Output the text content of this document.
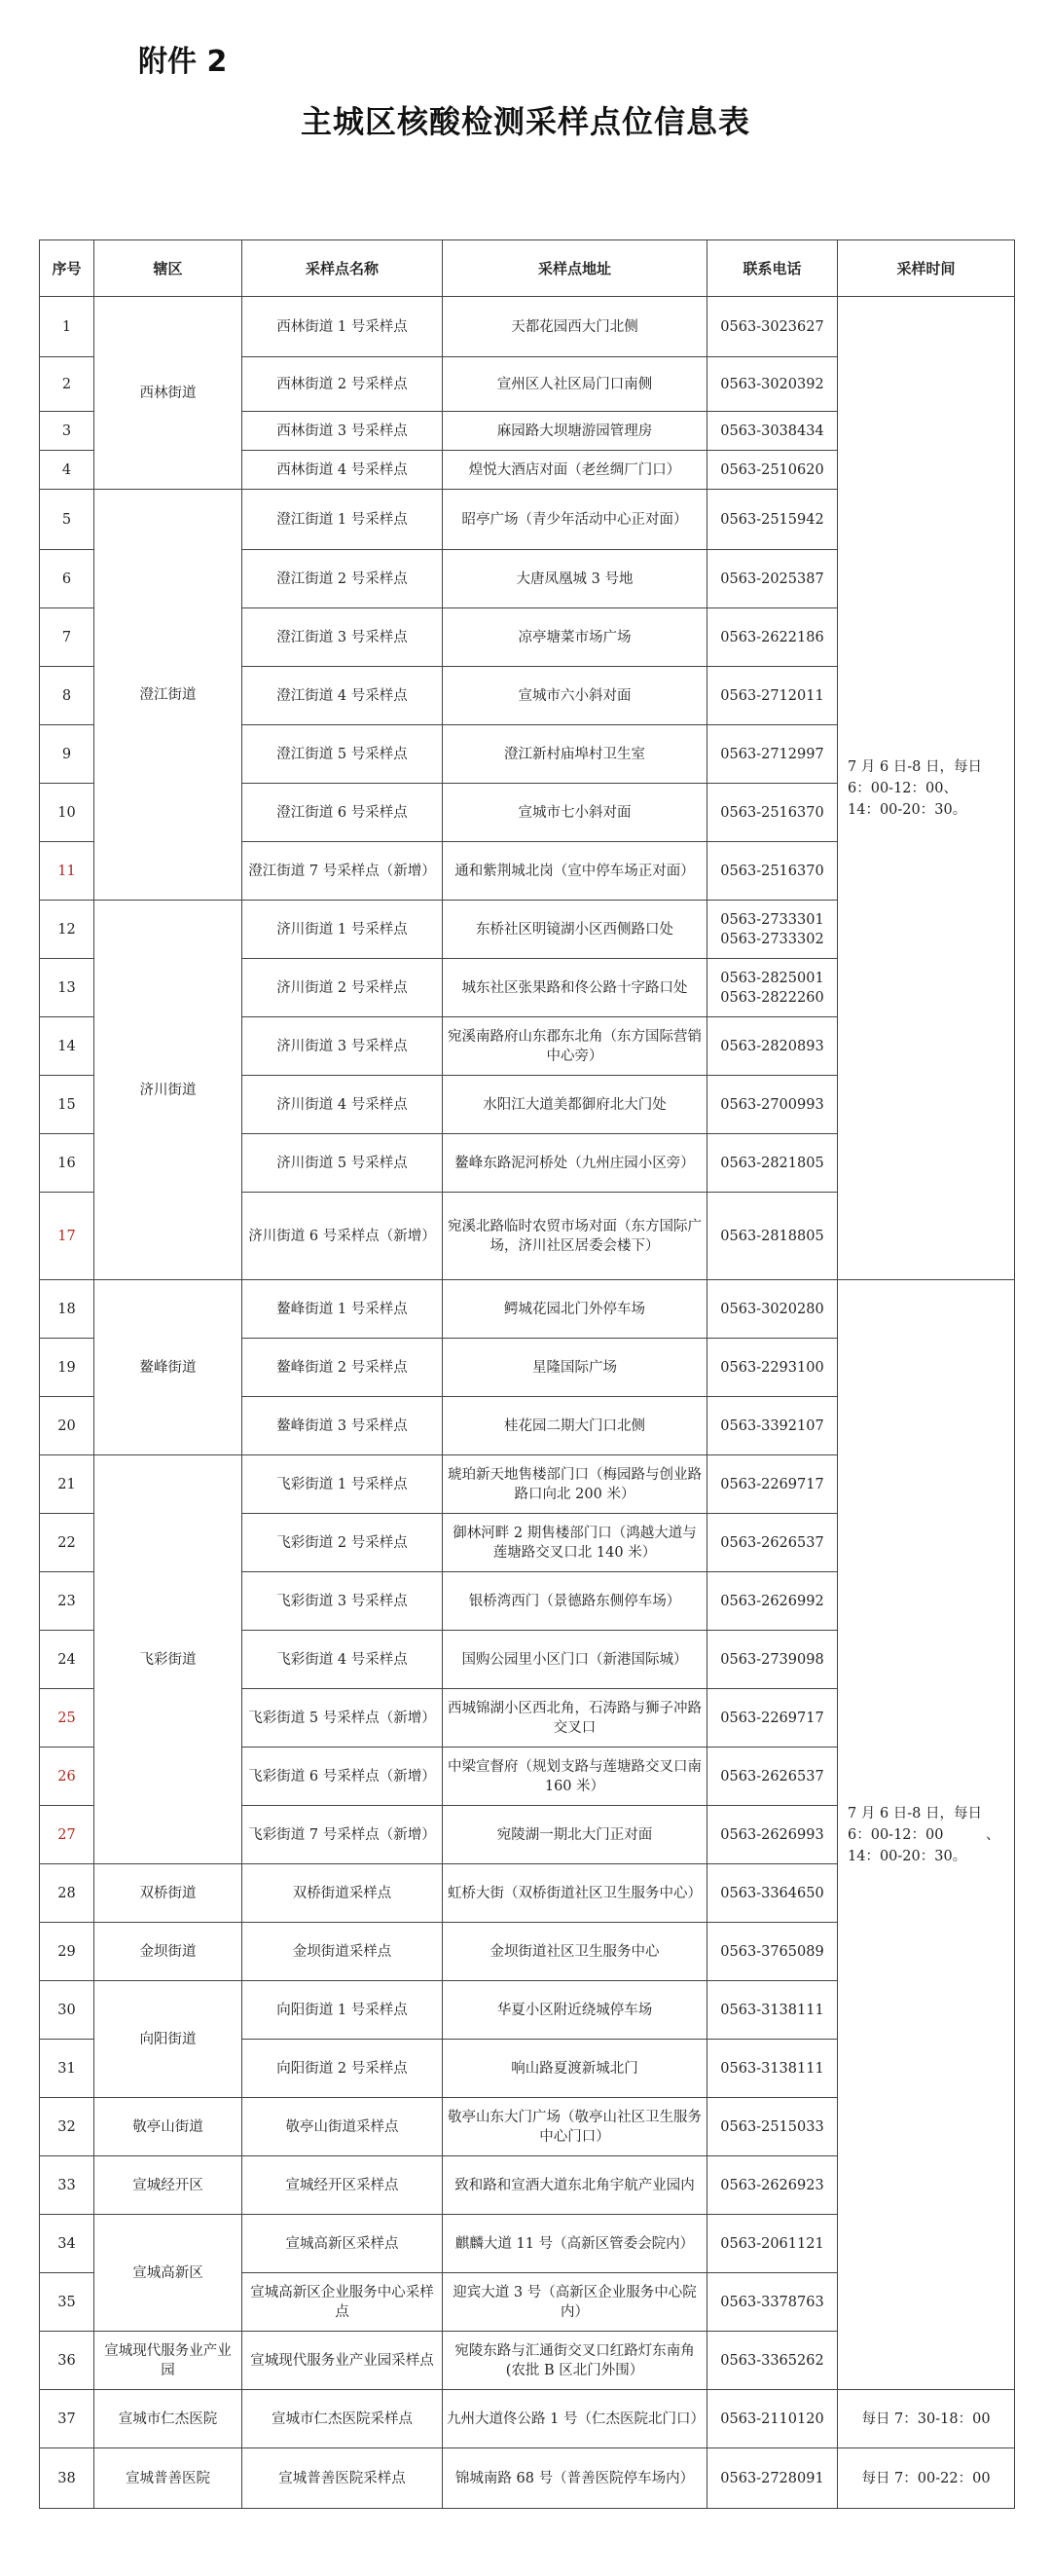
附件 2
主城区核酸检测采样点位信息表
序号	辖区	采样点名称	采样点地址	联系电话	采样时间
1	西林街道	西林街道 1 号采样点	天都花园西大门北侧	0563-3023627	7 月 6 日-8 日，每日
6：00-12：00、
14：00-20：30。
2		西林街道 2 号采样点	宣州区人社区局门口南侧	0563-3020392	
3		西林街道 3 号采样点	麻园路大坝塘游园管理房	0563-3038434	
4		西林街道 4 号采样点	煌悦大酒店对面（老丝绸厂门口）	0563-2510620	
5	澄江街道	澄江街道 1 号采样点	昭亭广场（青少年活动中心正对面）	0563-2515942	
6		澄江街道 2 号采样点	大唐凤凰城 3 号地	0563-2025387	
7		澄江街道 3 号采样点	凉亭塘菜市场广场	0563-2622186	
8		澄江街道 4 号采样点	宣城市六小斜对面	0563-2712011	
9		澄江街道 5 号采样点	澄江新村庙埠村卫生室	0563-2712997	
10		澄江街道 6 号采样点	宣城市七小斜对面	0563-2516370	
11		澄江街道 7 号采样点（新增）	通和紫荆城北岗（宣中停车场正对面）	0563-2516370	
12	济川街道	济川街道 1 号采样点	东桥社区明镜湖小区西侧路口处	0563-2733301
0563-2733302	
13		济川街道 2 号采样点	城东社区张果路和佟公路十字路口处	0563-2825001
0563-2822260	
14		济川街道 3 号采样点	宛溪南路府山东郡东北角（东方国际营销中心旁）	0563-2820893	
15		济川街道 4 号采样点	水阳江大道美都御府北大门处	0563-2700993	
16		济川街道 5 号采样点	鳌峰东路泥河桥处（九州庄园小区旁）	0563-2821805	
17		济川街道 6 号采样点（新增）	宛溪北路临时农贸市场对面（东方国际广场，济川社区居委会楼下）	0563-2818805	
18	鳌峰街道	鳌峰街道 1 号采样点	鳄城花园北门外停车场	0563-3020280	7 月 6 日-8 日，每日
6：00-12：00　　　、
14：00-20：30。
19		鳌峰街道 2 号采样点	星隆国际广场	0563-2293100	
20		鳌峰街道 3 号采样点	桂花园二期大门口北侧	0563-3392107	
21	飞彩街道	飞彩街道 1 号采样点	琥珀新天地售楼部门口（梅园路与创业路路口向北 200 米）	0563-2269717	
22		飞彩街道 2 号采样点	御林河畔 2 期售楼部门口（鸿越大道与莲塘路交叉口北 140 米）	0563-2626537	
23		飞彩街道 3 号采样点	银桥湾西门（景德路东侧停车场）	0563-2626992	
24		飞彩街道 4 号采样点	国购公园里小区门口（新港国际城）	0563-2739098	
25		飞彩街道 5 号采样点（新增）	西城锦湖小区西北角，石涛路与狮子冲路交叉口	0563-2269717	
26		飞彩街道 6 号采样点（新增）	中梁宣督府（规划支路与莲塘路交叉口南 160 米）	0563-2626537	
27		飞彩街道 7 号采样点（新增）	宛陵湖一期北大门正对面	0563-2626993	
28	双桥街道	双桥街道采样点	虹桥大街（双桥街道社区卫生服务中心）	0563-3364650	
29	金坝街道	金坝街道采样点	金坝街道社区卫生服务中心	0563-3765089	
30	向阳街道	向阳街道 1 号采样点	华夏小区附近绕城停车场	0563-3138111	
31		向阳街道 2 号采样点	响山路夏渡新城北门	0563-3138111	
32	敬亭山街道	敬亭山街道采样点	敬亭山东大门广场（敬亭山社区卫生服务中心门口）	0563-2515033	
33	宣城经开区	宣城经开区采样点	致和路和宣酒大道东北角宇航产业园内	0563-2626923	
34	宣城高新区	宣城高新区采样点	麒麟大道 11 号（高新区管委会院内）	0563-2061121	
35		宣城高新区企业服务中心采样点	迎宾大道 3 号（高新区企业服务中心院内）	0563-3378763	
36	宣城现代服务业产业园	宣城现代服务业产业园采样点	宛陵东路与汇通街交叉口红路灯东南角(农批 B 区北门外围）	0563-3365262	
37	宣城市仁杰医院	宣城市仁杰医院采样点	九州大道佟公路 1 号（仁杰医院北门口）	0563-2110120	每日 7：30-18：00
38	宣城普善医院	宣城普善医院采样点	锦城南路 68 号（普善医院停车场内）	0563-2728091	每日 7：00-22：00
